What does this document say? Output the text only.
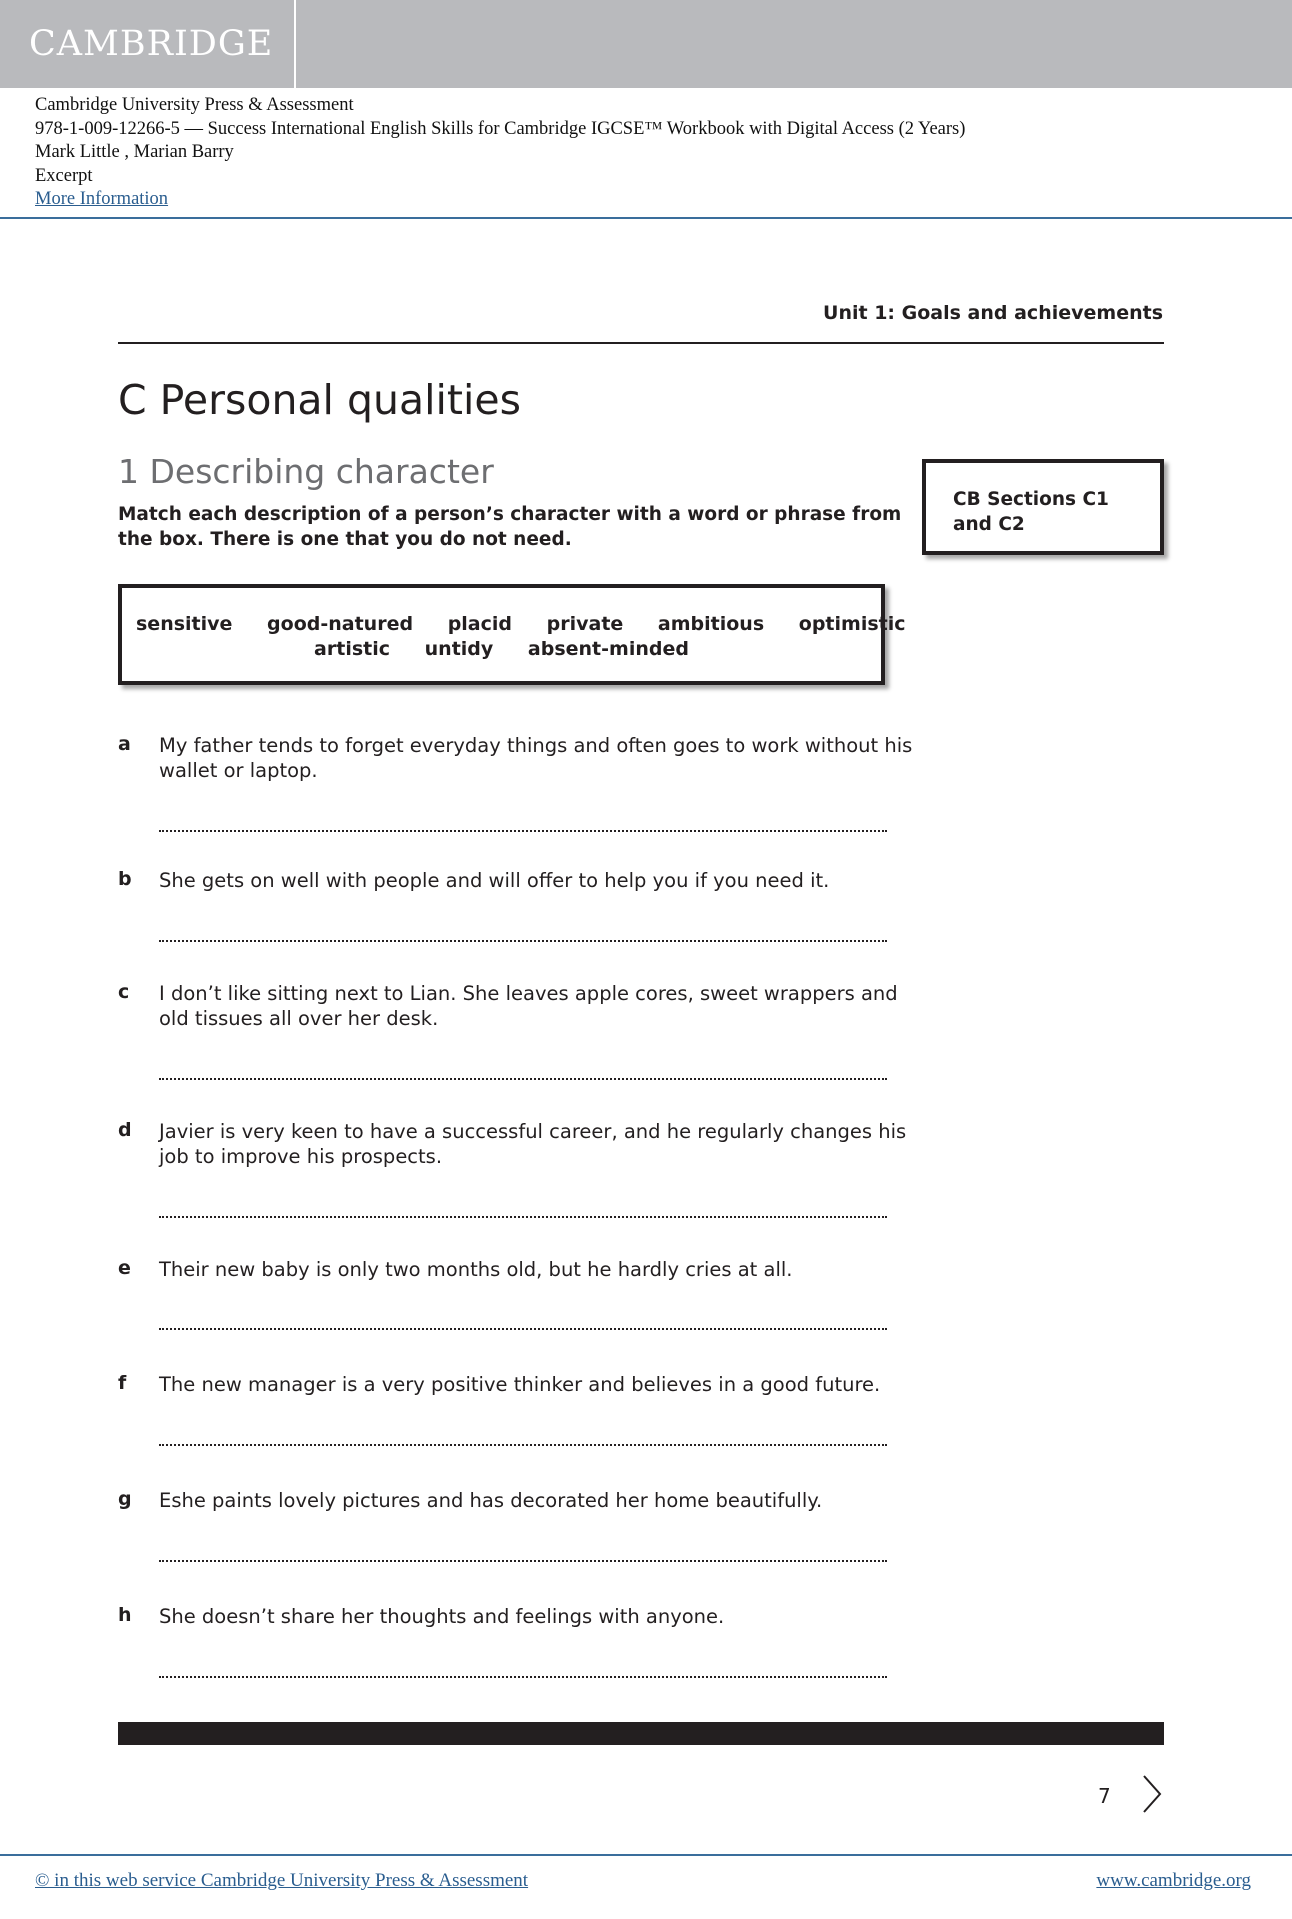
CAMBRIDGE
Cambridge University Press & Assessment
978-1-009-12266-5 — Success International English Skills for Cambridge IGCSE™ Workbook with Digital Access (2 Years)
Mark Little , Marian Barry
Excerpt
More Information
Unit 1: Goals and achievements
C Personal qualities
1 Describing character
Match each description of a person’s character with a word or phrase from the box. There is one that you do not need.
CB Sections C1
and C2
sensitive good-natured placid private ambitious optimistic
artistic untidy absent-minded
a My father tends to forget everyday things and often goes to work without his wallet or laptop.
b She gets on well with people and will offer to help you if you need it.
c I don’t like sitting next to Lian. She leaves apple cores, sweet wrappers and old tissues all over her desk.
d Javier is very keen to have a successful career, and he regularly changes his job to improve his prospects.
e Their new baby is only two months old, but he hardly cries at all.
f The new manager is a very positive thinker and believes in a good future.
g Eshe paints lovely pictures and has decorated her home beautifully.
h She doesn’t share her thoughts and feelings with anyone.
7
© in this web service Cambridge University Press & Assessment	www.cambridge.org
